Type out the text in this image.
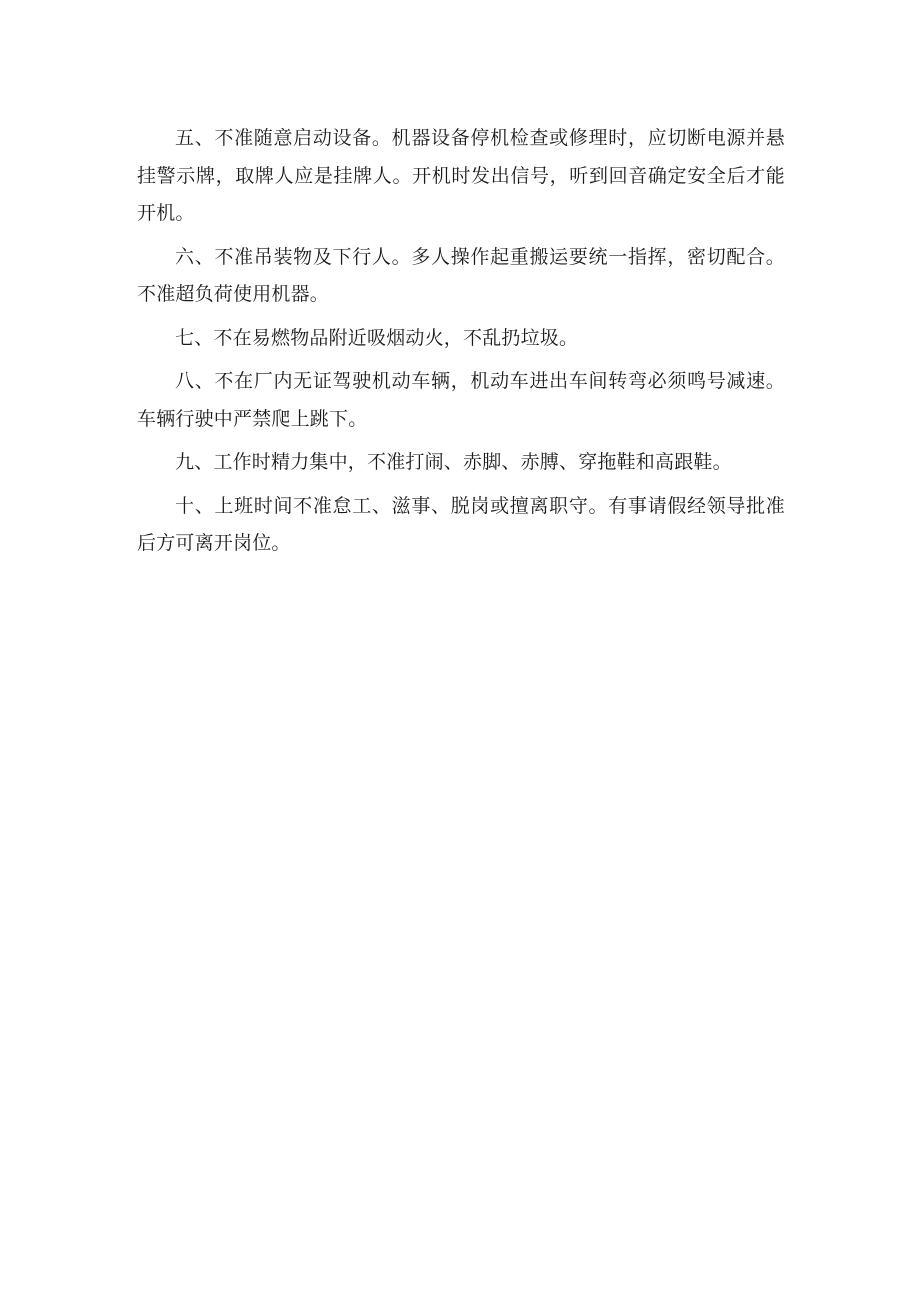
五、不准随意启动设备。机器设备停机检查或修理时，应切断电源并悬挂警示牌，取牌人应是挂牌人。开机时发出信号，听到回音确定安全后才能开机。

六、不准吊装物及下行人。多人操作起重搬运要统一指挥，密切配合。不准超负荷使用机器。

七、不在易燃物品附近吸烟动火，不乱扔垃圾。

八、不在厂内无证驾驶机动车辆，机动车进出车间转弯必须鸣号减速。车辆行驶中严禁爬上跳下。

九、工作时精力集中，不准打闹、赤脚、赤膊、穿拖鞋和高跟鞋。

十、上班时间不准怠工、滋事、脱岗或擅离职守。有事请假经领导批准后方可离开岗位。
